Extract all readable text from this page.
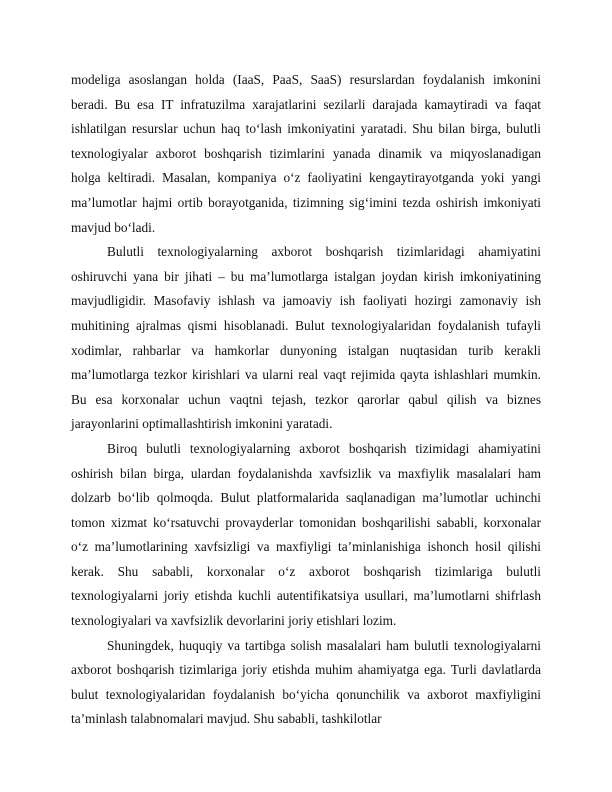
modeliga asoslangan holda (IaaS, PaaS, SaaS) resurslardan foydalanish imkonini beradi. Bu esa IT infratuzilma xarajatlarini sezilarli darajada kamaytiradi va faqat ishlatilgan resurslar uchun haq to‘lash imkoniyatini yaratadi. Shu bilan birga, bulutli texnologiyalar axborot boshqarish tizimlarini yanada dinamik va miqyoslanadigan holga keltiradi. Masalan, kompaniya o‘z faoliyatini kengaytirayotganda yoki yangi ma’lumotlar hajmi ortib borayotganida, tizimning sig‘imini tezda oshirish imkoniyati mavjud bo‘ladi.

Bulutli texnologiyalarning axborot boshqarish tizimlaridagi ahamiyatini oshiruvchi yana bir jihati – bu ma’lumotlarga istalgan joydan kirish imkoniyatining mavjudligidir. Masofaviy ishlash va jamoaviy ish faoliyati hozirgi zamonaviy ish muhitining ajralmas qismi hisoblanadi. Bulut texnologiyalaridan foydalanish tufayli xodimlar, rahbarlar va hamkorlar dunyoning istalgan nuqtasidan turib kerakli ma’lumotlarga tezkor kirishlari va ularni real vaqt rejimida qayta ishlashlari mumkin. Bu esa korxonalar uchun vaqtni tejash, tezkor qarorlar qabul qilish va biznes jarayonlarini optimallashtirish imkonini yaratadi.

Biroq bulutli texnologiyalarning axborot boshqarish tizimidagi ahamiyatini oshirish bilan birga, ulardan foydalanishda xavfsizlik va maxfiylik masalalari ham dolzarb bo‘lib qolmoqda. Bulut platformalarida saqlanadigan ma’lumotlar uchinchi tomon xizmat ko‘rsatuvchi provayderlar tomonidan boshqarilishi sababli, korxonalar o‘z ma’lumotlarining xavfsizligi va maxfiyligi ta’minlanishiga ishonch hosil qilishi kerak. Shu sababli, korxonalar o‘z axborot boshqarish tizimlariga bulutli texnologiyalarni joriy etishda kuchli autentifikatsiya usullari, ma’lumotlarni shifrlash texnologiyalari va xavfsizlik devorlarini joriy etishlari lozim.

Shuningdek, huquqiy va tartibga solish masalalari ham bulutli texnologiyalarni axborot boshqarish tizimlariga joriy etishda muhim ahamiyatga ega. Turli davlatlarda bulut texnologiyalaridan foydalanish bo‘yicha qonunchilik va axborot maxfiyligini ta’minlash talabnomalari mavjud. Shu sababli, tashkilotlar
